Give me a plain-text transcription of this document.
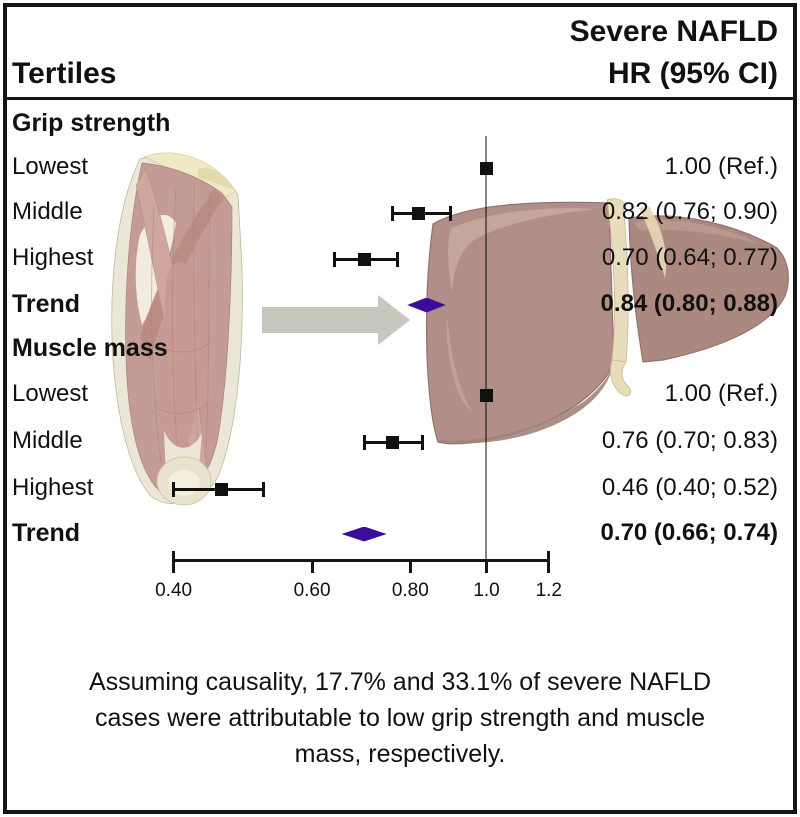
Severe NAFLD
Tertiles	HR (95% CI)
Grip strength
Lowest	1.00 (Ref.)
Middle	0.82 (0.76; 0.90)
Highest	0.70 (0.64; 0.77)
Trend	0.84 (0.80; 0.88)
Muscle mass
Lowest	1.00 (Ref.)
Middle	0.76 (0.70; 0.83)
Highest	0.46 (0.40; 0.52)
Trend	0.70 (0.66; 0.74)
0.40	0.60	0.80	1.0	1.2
Assuming causality, 17.7% and 33.1% of severe NAFLD
cases were attributable to low grip strength and muscle
mass, respectively.
